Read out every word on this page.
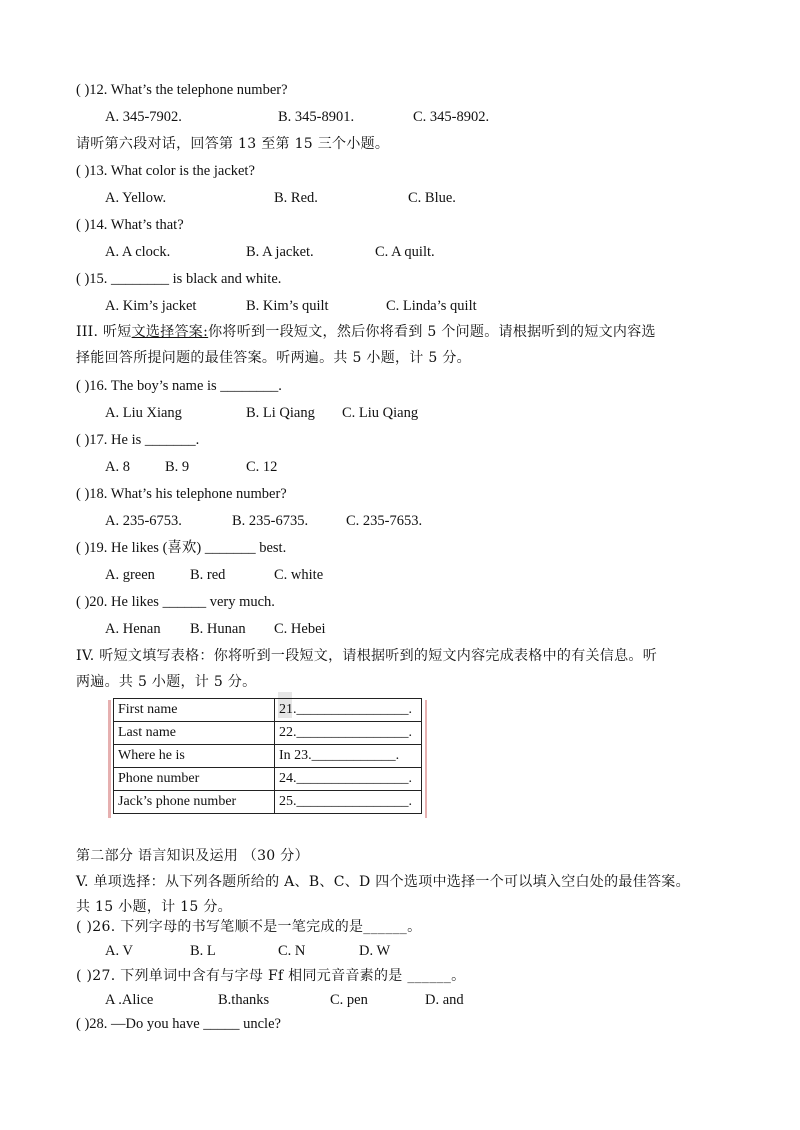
( )12. What’s the telephone number?
A. 345-7902.	B. 345-8901.	C. 345-8902.
请听第六段对话，回答第 13 至第 15 三个小题。
( )13. What color is the jacket?
A. Yellow.	B. Red.	C. Blue.
( )14. What’s that?
A. A clock.	B. A jacket.	C. A quilt.
( )15. ________ is black and white.
A. Kim’s jacket	B. Kim’s quilt	C. Linda’s quilt
III. 听短文选择答案:你将听到一段短文，然后你将看到 5 个问题。请根据听到的短文内容选
择能回答所提问题的最佳答案。听两遍。共 5 小题，计 5 分。
( )16. The boy’s name is ________.
A. Liu Xiang	B. Li Qiang C. Liu Qiang
( )17. He is _______.
A. 8 B. 9	C. 12
( )18. What’s his telephone number?
A. 235-6753.	B. 235-6735.	C. 235-7653.
( )19. He likes (喜欢) _______ best.
A. green B. red	C. white
( )20. He likes ______ very much.
A. Henan B. Hunan C. Hebei
IV. 听短文填写表格：你将听到一段短文，请根据听到的短文内容完成表格中的有关信息。听
两遍。共 5 小题，计 5 分。
First name	21.________________.
Last name	22.________________.
Where he is	In 23.____________.
Phone number	24.________________.
Jack’s phone number	25.________________.
第二部分 语言知识及运用 （30 分）
V. 单项选择：从下列各题所给的 A、B、C、D 四个选项中选择一个可以填入空白处的最佳答案。
共 15 小题，计 15 分。
( )26. 下列字母的书写笔顺不是一笔完成的是______。
A. V	B. L	C. N	D. W
( )27. 下列单词中含有与字母 Ff 相同元音音素的是 ______。
A .Alice	B.thanks	C. pen	D. and
( )28. —Do you have _____ uncle?
